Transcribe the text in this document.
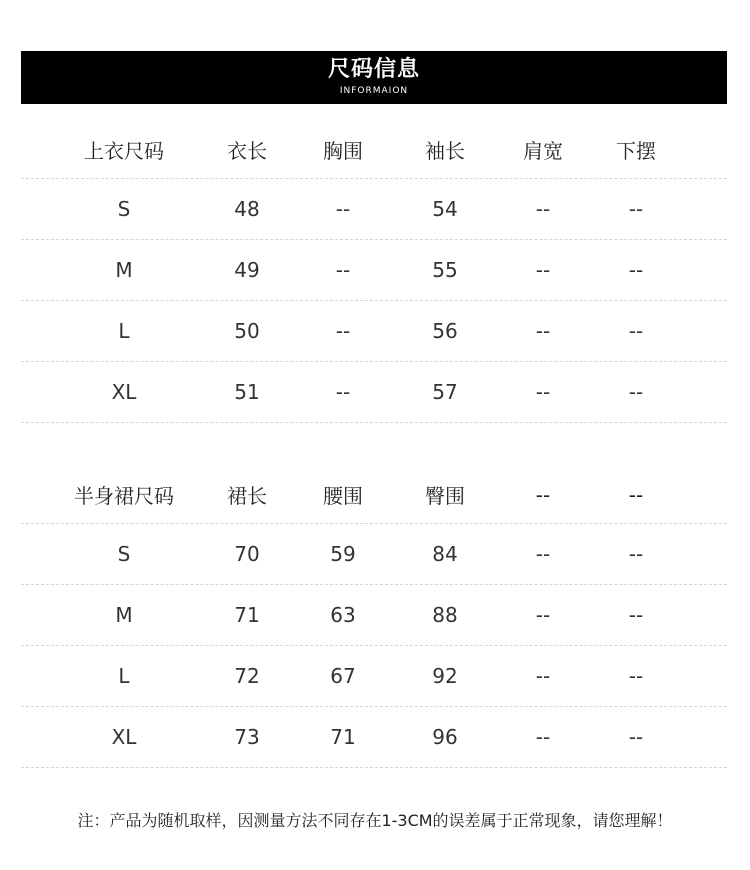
尺码信息
INFORMAION
上衣尺码	衣长	胸围	袖长	肩宽	下摆
S	48	--	54	--	--
M	49	--	55	--	--
L	50	--	56	--	--
XL	51	--	57	--	--
半身裙尺码	裙长	腰围	臀围	--	--
S	70	59	84	--	--
M	71	63	88	--	--
L	72	67	92	--	--
XL	73	71	96	--	--
注：产品为随机取样，因测量方法不同存在1-3CM的误差属于正常现象，请您理解！
